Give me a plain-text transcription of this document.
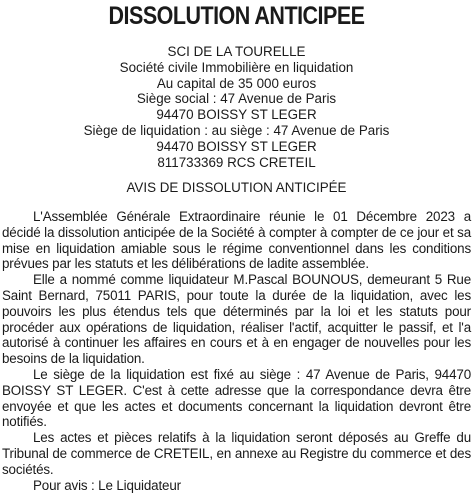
DISSOLUTION ANTICIPEE
SCI DE LA TOURELLE
Société civile Immobilière en liquidation
Au capital de 35 000 euros
Siège social : 47 Avenue de Paris
94470 BOISSY ST LEGER
Siège de liquidation : au siège : 47 Avenue de Paris
94470 BOISSY ST LEGER
811733369 RCS CRETEIL
AVIS DE DISSOLUTION ANTICIPÉE

L'Assemblée Générale Extraordinaire réunie le 01 Décembre 2023 a décidé la dissolution anticipée de la Société à compter à compter de ce jour et sa mise en liquidation amiable sous le régime conventionnel dans les conditions prévues par les statuts et les délibérations de ladite assemblée.

Elle a nommé comme liquidateur M.Pascal BOUNOUS, demeurant 5 Rue Saint Bernard, 75011 PARIS, pour toute la durée de la liquidation, avec les pouvoirs les plus étendus tels que déterminés par la loi et les statuts pour procéder aux opérations de liquidation, réaliser l'actif, acquitter le passif, et l'a autorisé à continuer les affaires en cours et à en engager de nouvelles pour les besoins de la liquidation.

Le siège de la liquidation est fixé au siège : 47 Avenue de Paris, 94470 BOISSY ST LEGER. C'est à cette adresse que la correspondance devra être envoyée et que les actes et documents concernant la liquidation devront être notifiés.

Les actes et pièces relatifs à la liquidation seront déposés au Greffe du Tribunal de commerce de CRETEIL, en annexe au Registre du commerce et des sociétés.

Pour avis : Le Liquidateur
